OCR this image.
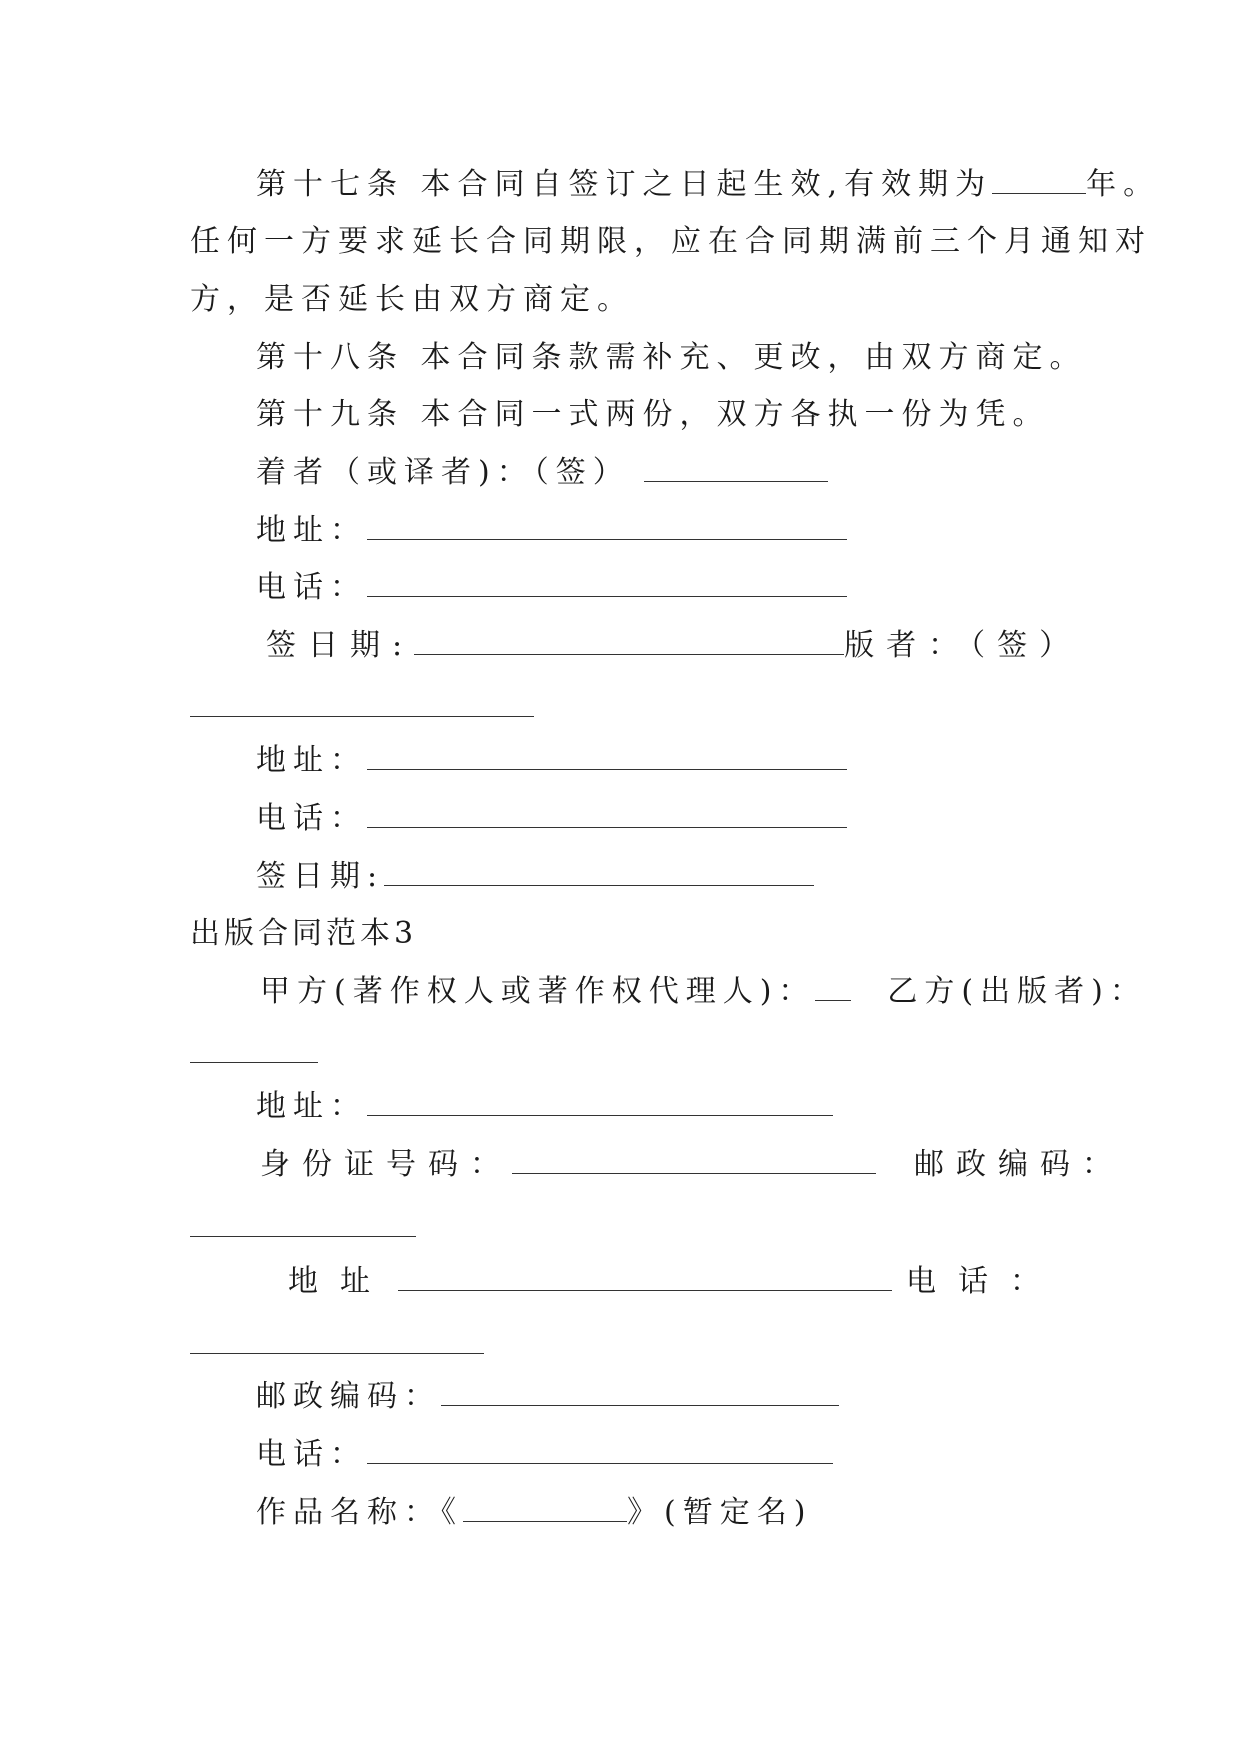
第十七条 本合同自签订之日起生效,有效期为	年。
任何一方要求延长合同期限，应在合同期满前三个月通知对
方，是否延长由双方商定。
第十八条 本合同条款需补充、更改，由双方商定。
第十九条 本合同一式两份，双方各执一份为凭。
着者（或译者)：（签）
地址：
电话：
签日期:	版者：（签）
地址：
电话：
签日期:
出版合同范本3
甲方(著作权人或著作权代理人)： 乙方(出版者)：
地址：
身份证号码：	邮政编码：
地址	电话：
邮政编码：
电话：
作品名称：《	》(暂定名)
